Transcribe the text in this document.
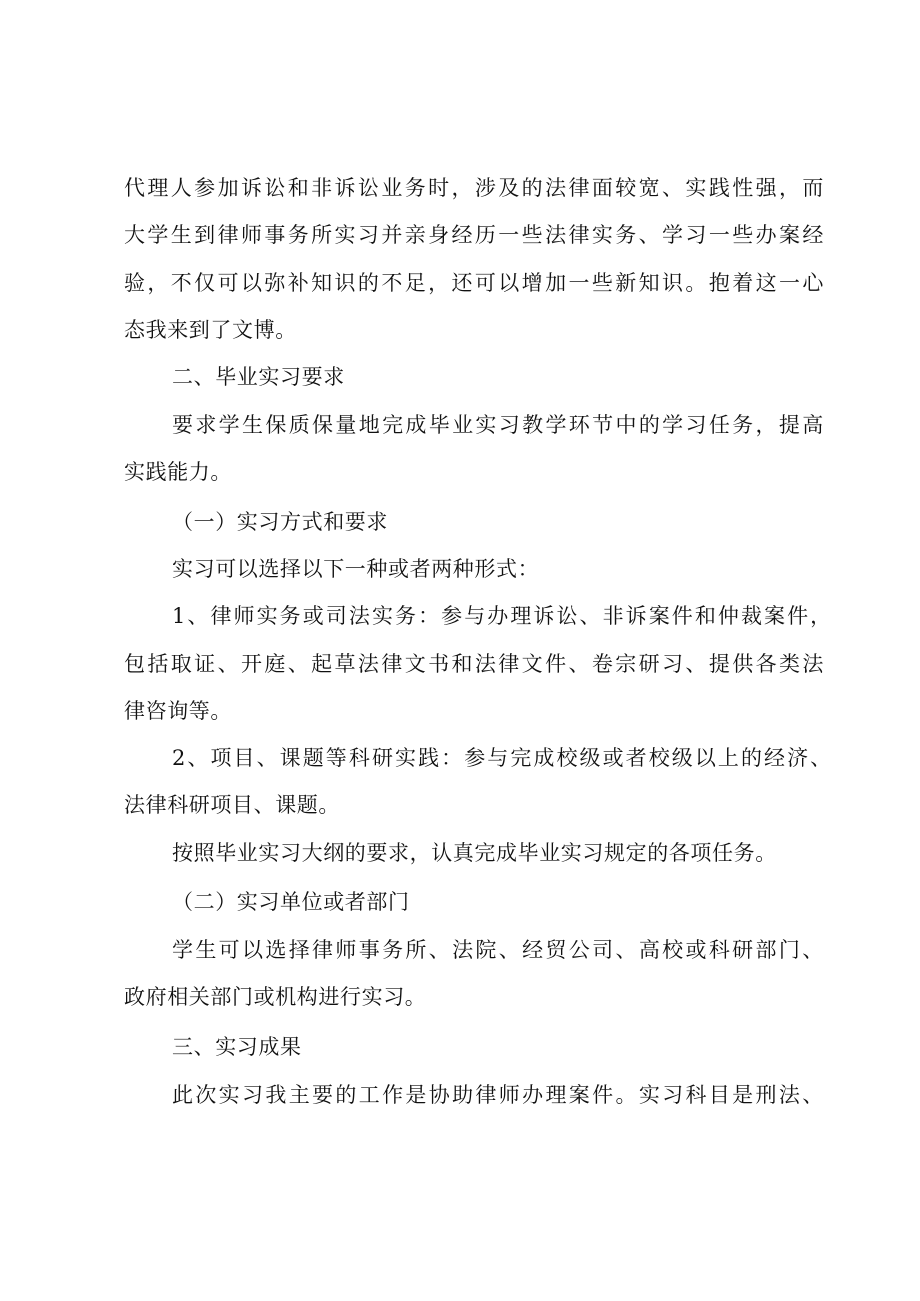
代理人参加诉讼和非诉讼业务时，涉及的法律面较宽、实践性强，而
大学生到律师事务所实习并亲身经历一些法律实务、学习一些办案经
验，不仅可以弥补知识的不足，还可以增加一些新知识。抱着这一心
态我来到了文博。
二、毕业实习要求
要求学生保质保量地完成毕业实习教学环节中的学习任务，提高
实践能力。
（一）实习方式和要求
实习可以选择以下一种或者两种形式：
1、律师实务或司法实务：参与办理诉讼、非诉案件和仲裁案件，
包括取证、开庭、起草法律文书和法律文件、卷宗研习、提供各类法
律咨询等。
2、项目、课题等科研实践：参与完成校级或者校级以上的经济、
法律科研项目、课题。
按照毕业实习大纲的要求，认真完成毕业实习规定的各项任务。
（二）实习单位或者部门
学生可以选择律师事务所、法院、经贸公司、高校或科研部门、
政府相关部门或机构进行实习。
三、实习成果
此次实习我主要的工作是协助律师办理案件。实习科目是刑法、
